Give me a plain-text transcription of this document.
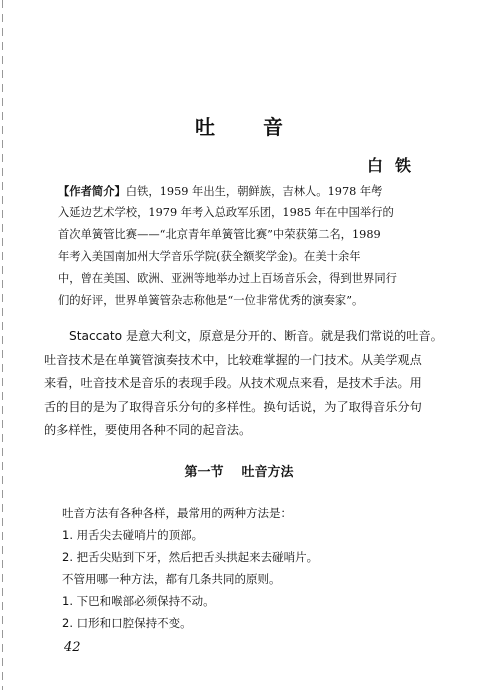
吐音
白铁
【作者简介】白铁，1959 年出生，朝鲜族，吉林人。1978 年考
入延边艺术学校，1979 年考入总政军乐团，1985 年在中国举行的
首次单簧管比赛——“北京青年单簧管比赛”中荣获第二名，1989
年考入美国南加州大学音乐学院(获全额奖学金)。在美十余年
中，曾在美国、欧洲、亚洲等地举办过上百场音乐会，得到世界同行
们的好评，世界单簧管杂志称他是“一位非常优秀的演奏家”。
Staccato 是意大利文，原意是分开的、断音。就是我们常说的吐音。
吐音技术是在单簧管演奏技术中，比较难掌握的一门技术。从美学观点
来看，吐音技术是音乐的表现手段。从技术观点来看，是技术手法。用
舌的目的是为了取得音乐分句的多样性。换句话说，为了取得音乐分句
的多样性，要使用各种不同的起音法。
第一节 吐音方法
吐音方法有各种各样，最常用的两种方法是：
1. 用舌尖去碰哨片的顶部。
2. 把舌尖贴到下牙，然后把舌头拱起来去碰哨片。
不管用哪一种方法，都有几条共同的原则。
1. 下巴和喉部必须保持不动。
2. 口形和口腔保持不变。
42
